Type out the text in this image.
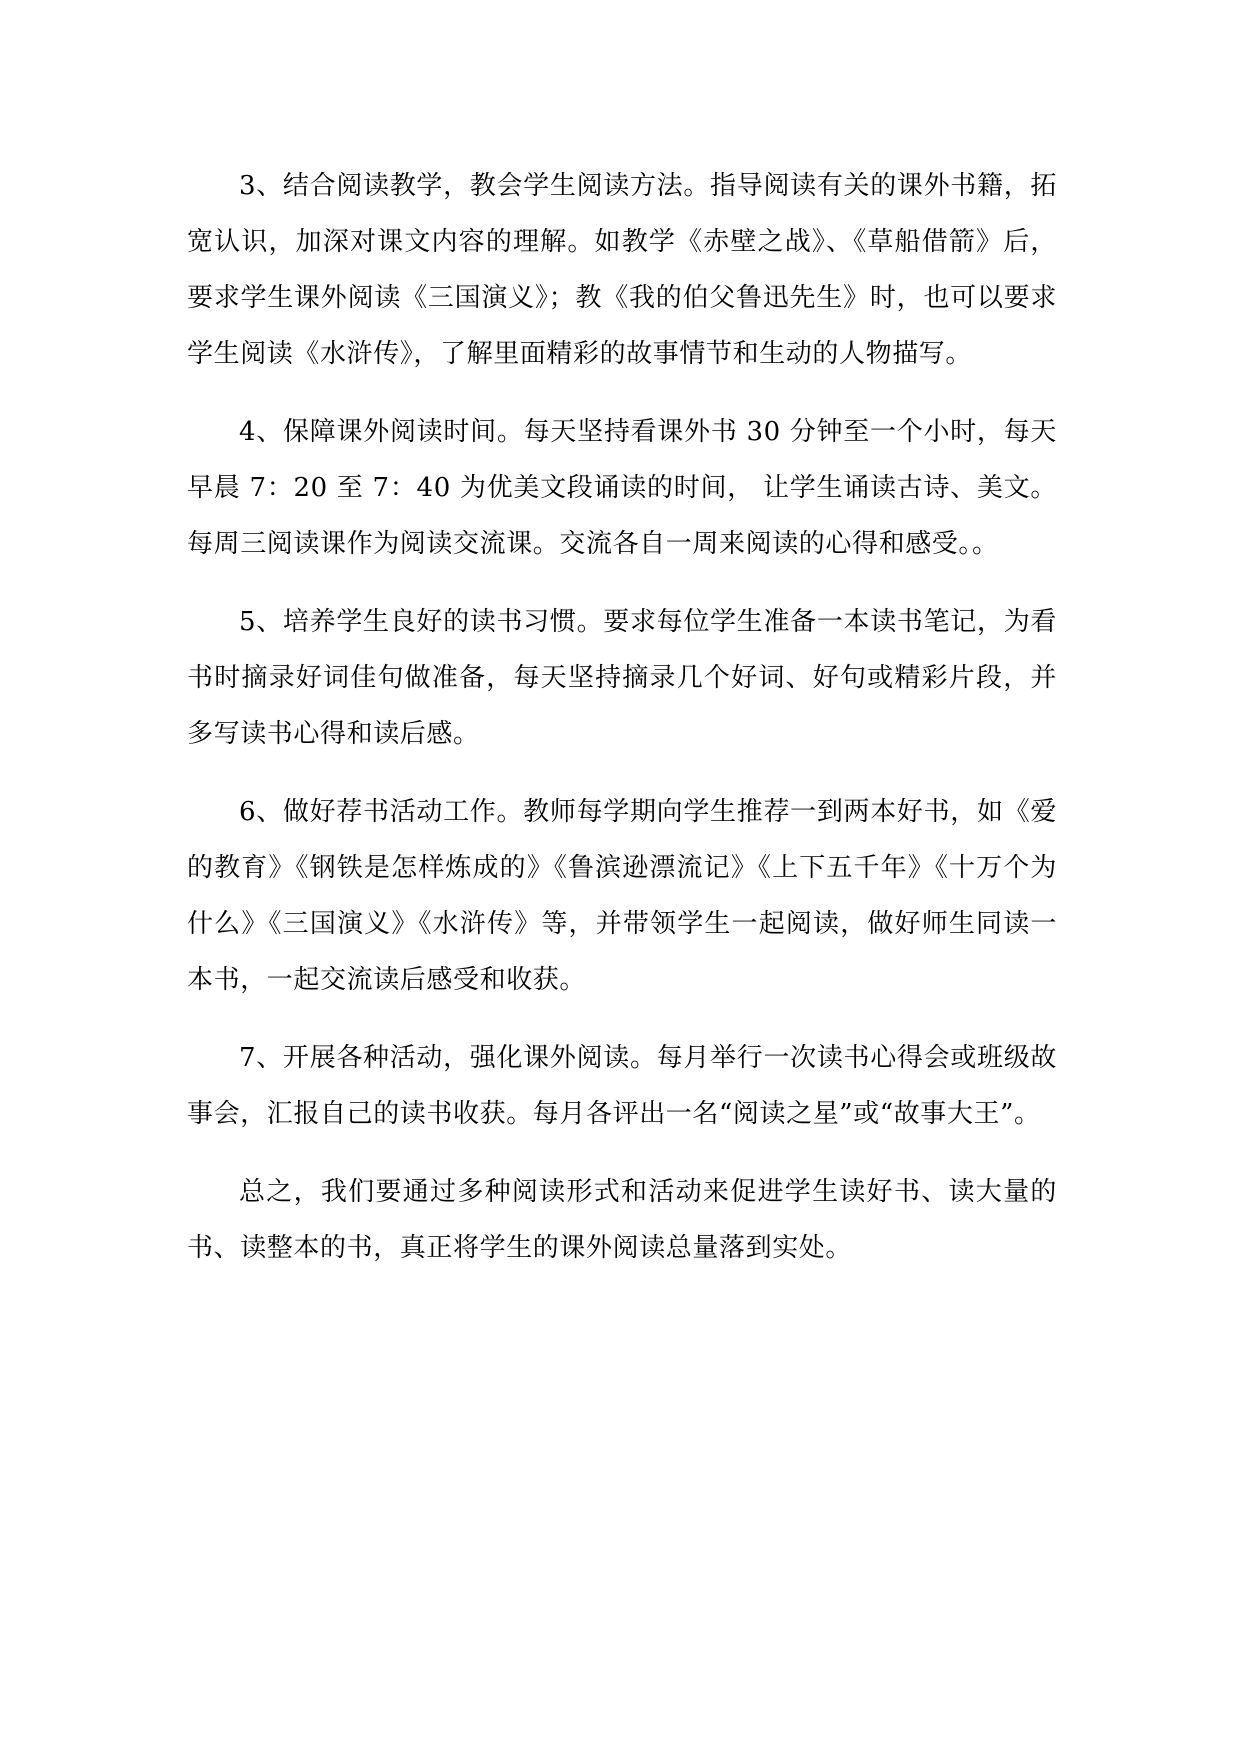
3、结合阅读教学，教会学生阅读方法。指导阅读有关的课外书籍，拓宽认识，加深对课文内容的理解。如教学《赤壁之战》、《草船借箭》后，要求学生课外阅读《三国演义》；教《我的伯父鲁迅先生》时，也可以要求学生阅读《水浒传》，了解里面精彩的故事情节和生动的人物描写。

4、保障课外阅读时间。每天坚持看课外书 30 分钟至一个小时，每天早晨 7：20 至 7：40 为优美文段诵读的时间， 让学生诵读古诗、美文。每周三阅读课作为阅读交流课。交流各自一周来阅读的心得和感受。。

5、培养学生良好的读书习惯。要求每位学生准备一本读书笔记，为看书时摘录好词佳句做准备，每天坚持摘录几个好词、好句或精彩片段，并多写读书心得和读后感。

6、做好荐书活动工作。教师每学期向学生推荐一到两本好书，如《爱的教育》《钢铁是怎样炼成的》《鲁滨逊漂流记》《上下五千年》《十万个为什么》《三国演义》《水浒传》等，并带领学生一起阅读，做好师生同读一本书，一起交流读后感受和收获。

7、开展各种活动，强化课外阅读。每月举行一次读书心得会或班级故事会，汇报自己的读书收获。每月各评出一名“阅读之星”或“故事大王”。

总之，我们要通过多种阅读形式和活动来促进学生读好书、读大量的书、读整本的书，真正将学生的课外阅读总量落到实处。
